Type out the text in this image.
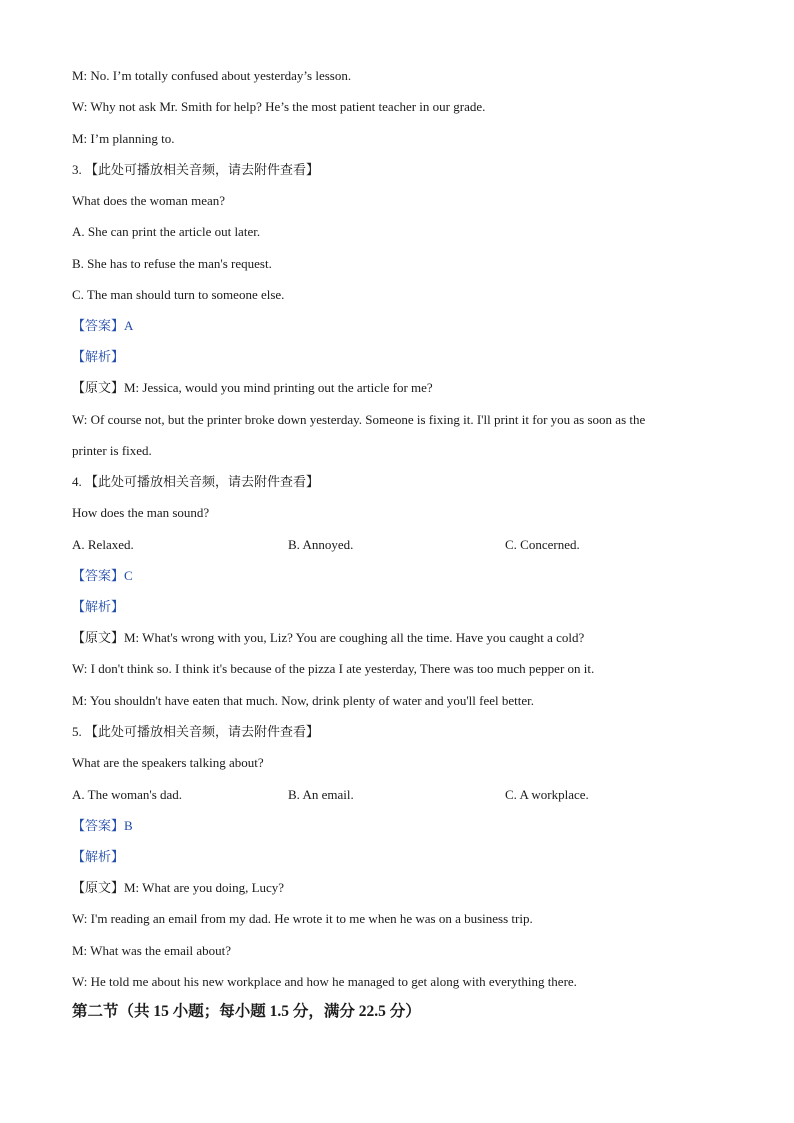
M: No. I’m totally confused about yesterday’s lesson.
W: Why not ask Mr. Smith for help? He’s the most patient teacher in our grade.
M: I’m planning to.
3. 【此处可播放相关音频，请去附件查看】
What does the woman mean?
A. She can print the article out later.
B. She has to refuse the man's request.
C. The man should turn to someone else.
【答案】A
【解析】
【原文】M: Jessica, would you mind printing out the article for me?
W: Of course not, but the printer broke down yesterday. Someone is fixing it. I'll print it for you as soon as the
printer is fixed.
4. 【此处可播放相关音频，请去附件查看】
How does the man sound?
A. Relaxed.	B. Annoyed.	C. Concerned.
【答案】C
【解析】
【原文】M: What's wrong with you, Liz? You are coughing all the time. Have you caught a cold?
W: I don't think so. I think it's because of the pizza I ate yesterday, There was too much pepper on it.
M: You shouldn't have eaten that much. Now, drink plenty of water and you'll feel better.
5. 【此处可播放相关音频，请去附件查看】
What are the speakers talking about?
A. The woman's dad.	B. An email.	C. A workplace.
【答案】B
【解析】
【原文】M: What are you doing, Lucy?
W: I'm reading an email from my dad. He wrote it to me when he was on a business trip.
M: What was the email about?
W: He told me about his new workplace and how he managed to get along with everything there.
第二节（共 15 小题；每小题 1.5 分，满分 22.5 分）
